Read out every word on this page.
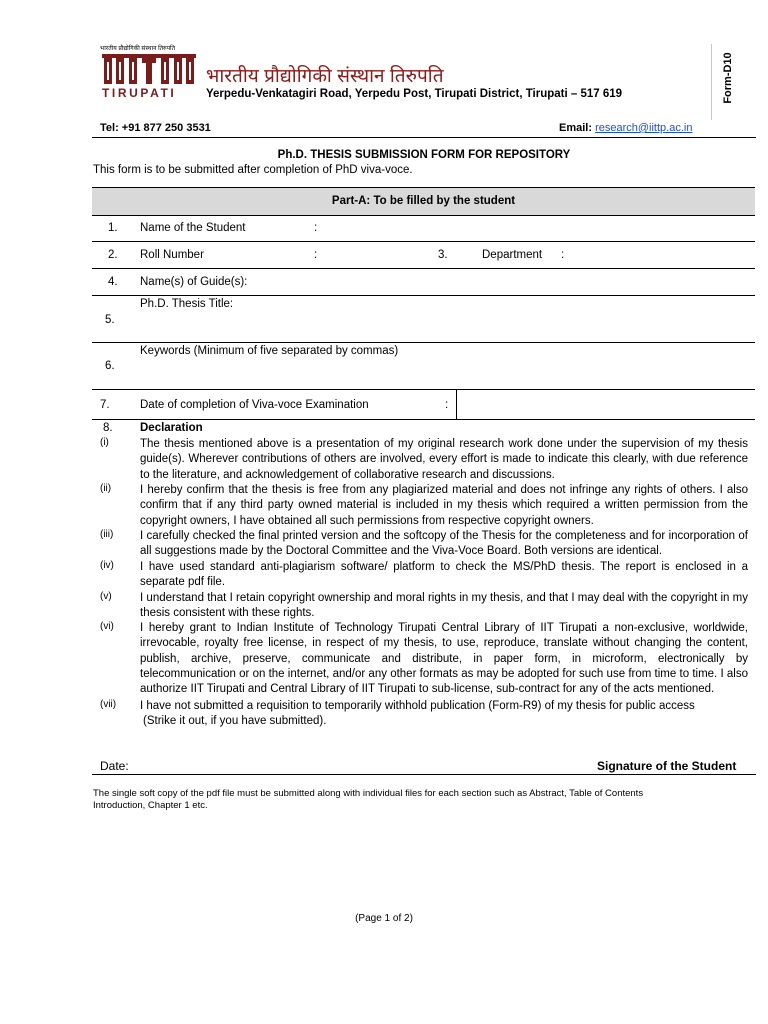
भारतीय प्रौद्योगिकी संस्थान तिरुपति
TIRUPATI
भारतीय प्रौद्योगिकी संस्थान तिरुपति
Yerpedu-Venkatagiri Road, Yerpedu Post, Tirupati District, Tirupati – 517 619	Form-D10
Tel: +91 877 250 3531	Email: research@iittp.ac.in
Ph.D. THESIS SUBMISSION FORM FOR REPOSITORY
This form is to be submitted after completion of PhD viva-voce.
Part-A: To be filled by the student
1. Name of the Student	:
2. Roll Number	:	3.	Department :
4. Name(s) of Guide(s):
Ph.D. Thesis Title:
5.
Keywords (Minimum of five separated by commas)
6.
7.	Date of completion of Viva-voce Examination	:
8. Declaration
(i)	The thesis mentioned above is a presentation of my original research work done under the supervision of my thesis guide(s). Wherever contributions of others are involved, every effort is made to indicate this clearly, with due reference to the literature, and acknowledgement of collaborative research and discussions.
(ii)	I hereby confirm that the thesis is free from any plagiarized material and does not infringe any rights of others. I also confirm that if any third party owned material is included in my thesis which required a written permission from the copyright owners, I have obtained all such permissions from respective copyright owners.
(iii) I carefully checked the final printed version and the softcopy of the Thesis for the completeness and for incorporation of all suggestions made by the Doctoral Committee and the Viva-Voce Board. Both versions are identical.
(iv) I have used standard anti-plagiarism software/ platform to check the MS/PhD thesis. The report is enclosed in a separate pdf file.
(v) I understand that I retain copyright ownership and moral rights in my thesis, and that I may deal with the copyright in my thesis consistent with these rights.
(vi) I hereby grant to Indian Institute of Technology Tirupati Central Library of IIT Tirupati a non-exclusive, worldwide, irrevocable, royalty free license, in respect of my thesis, to use, reproduce, translate without changing the content, publish, archive, preserve, communicate and distribute, in paper form, in microform, electronically by telecommunication or on the internet, and/or any other formats as may be adopted for such use from time to time. I also authorize IIT Tirupati and Central Library of IIT Tirupati to sub-license, sub-contract for any of the acts mentioned.
(vii) I have not submitted a requisition to temporarily withhold publication (Form-R9) of my thesis for public access
(Strike it out, if you have submitted).
Date:	Signature of the Student
The single soft copy of the pdf file must be submitted along with individual files for each section such as Abstract, Table of Contents
Introduction, Chapter 1 etc.
(Page 1 of 2)
